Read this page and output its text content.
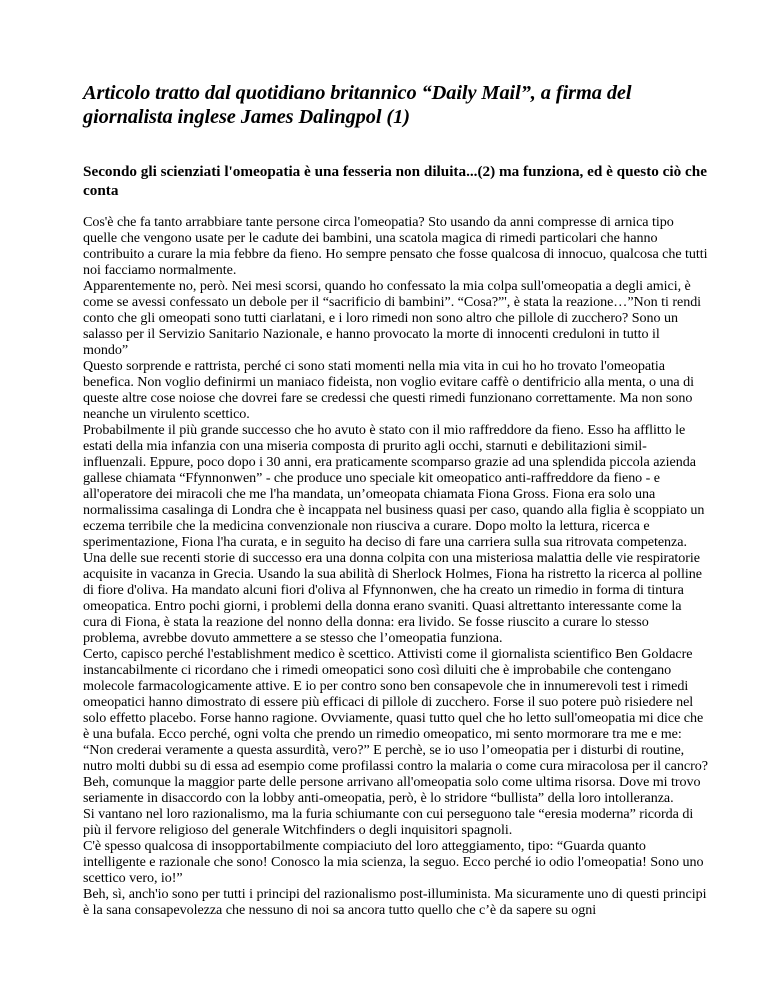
Articolo tratto dal quotidiano britannico “Daily Mail”, a firma del giornalista inglese James Dalingpol (1)
Secondo gli scienziati l'omeopatia è una fesseria non diluita...(2) ma funziona, ed è questo ciò che conta

Cos'è che fa tanto arrabbiare tante persone circa l'omeopatia? Sto usando da anni compresse di arnica tipo quelle che vengono usate per le cadute dei bambini, una scatola magica di rimedi particolari che hanno contribuito a curare la mia febbre da fieno. Ho sempre pensato che fosse qualcosa di innocuo, qualcosa che tutti noi facciamo normalmente.

Apparentemente no, però. Nei mesi scorsi, quando ho confessato la mia colpa sull'omeopatia a degli amici, è come se avessi confessato un debole per il “sacrificio di bambini”. “Cosa?”', è stata la reazione…”Non ti rendi conto che gli omeopati sono tutti ciarlatani, e i loro rimedi non sono altro che pillole di zucchero? Sono un salasso per il Servizio Sanitario Nazionale, e hanno provocato la morte di innocenti creduloni in tutto il mondo”

Questo sorprende e rattrista, perché ci sono stati momenti nella mia vita in cui ho ho trovato l'omeopatia benefica. Non voglio definirmi un maniaco fideista, non voglio evitare caffè o dentifricio alla menta, o una di queste altre cose noiose che dovrei fare se credessi che questi rimedi funzionano correttamente. Ma non sono neanche un virulento scettico.

Probabilmente il più grande successo che ho avuto è stato con il mio raffreddore da fieno. Esso ha afflitto le estati della mia infanzia con una miseria composta di prurito agli occhi, starnuti e debilitazioni simil-influenzali. Eppure, poco dopo i 30 anni, era praticamente scomparso grazie ad una splendida piccola azienda gallese chiamata “Ffynnonwen” - che produce uno speciale kit omeopatico anti-raffreddore da fieno - e all'operatore dei miracoli che me l'ha mandata, un’omeopata chiamata Fiona Gross. Fiona era solo una normalissima casalinga di Londra che è incappata nel business quasi per caso, quando alla figlia è scoppiato un eczema terribile che la medicina convenzionale non riusciva a curare. Dopo molto la lettura, ricerca e sperimentazione, Fiona l'ha curata, e in seguito ha deciso di fare una carriera sulla sua ritrovata competenza. Una delle sue recenti storie di successo era una donna colpita con una misteriosa malattia delle vie respiratorie acquisite in vacanza in Grecia. Usando la sua abilità di Sherlock Holmes, Fiona ha ristretto la ricerca al polline di fiore d'oliva. Ha mandato alcuni fiori d'oliva al Ffynnonwen, che ha creato un rimedio in forma di tintura omeopatica. Entro pochi giorni, i problemi della donna erano svaniti. Quasi altrettanto interessante come la cura di Fiona, è stata la reazione del nonno della donna: era livido. Se fosse riuscito a curare lo stesso problema, avrebbe dovuto ammettere a se stesso che l’omeopatia funziona.

Certo, capisco perché l'establishment medico è scettico. Attivisti come il giornalista scientifico Ben Goldacre instancabilmente ci ricordano che i rimedi omeopatici sono così diluiti che è improbabile che contengano molecole farmacologicamente attive. E io per contro sono ben consapevole che in innumerevoli test i rimedi omeopatici hanno dimostrato di essere più efficaci di pillole di zucchero. Forse il suo potere può risiedere nel solo effetto placebo. Forse hanno ragione. Ovviamente, quasi tutto quel che ho letto sull'omeopatia mi dice che è una bufala. Ecco perché, ogni volta che prendo un rimedio omeopatico, mi sento mormorare tra me e me: “Non crederai veramente a questa assurdità, vero?” E perchè, se io uso l’omeopatia per i disturbi di routine, nutro molti dubbi su di essa ad esempio come profilassi contro la malaria o come cura miracolosa per il cancro? Beh, comunque la maggior parte delle persone arrivano all'omeopatia solo come ultima risorsa. Dove mi trovo seriamente in disaccordo con la lobby anti-omeopatia, però, è lo stridore “bullista” della loro intolleranza.

Si vantano nel loro razionalismo, ma la furia schiumante con cui perseguono tale “eresia moderna” ricorda di più il fervore religioso del generale Witchfinders o degli inquisitori spagnoli.

C'è spesso qualcosa di insopportabilmente compiaciuto del loro atteggiamento, tipo: “Guarda quanto intelligente e razionale che sono! Conosco la mia scienza, la seguo. Ecco perché io odio l'omeopatia! Sono uno scettico vero, io!”

Beh, sì, anch'io sono per tutti i principi del razionalismo post-illuminista. Ma sicuramente uno di questi principi è la sana consapevolezza che nessuno di noi sa ancora tutto quello che c’è da sapere su ogni
